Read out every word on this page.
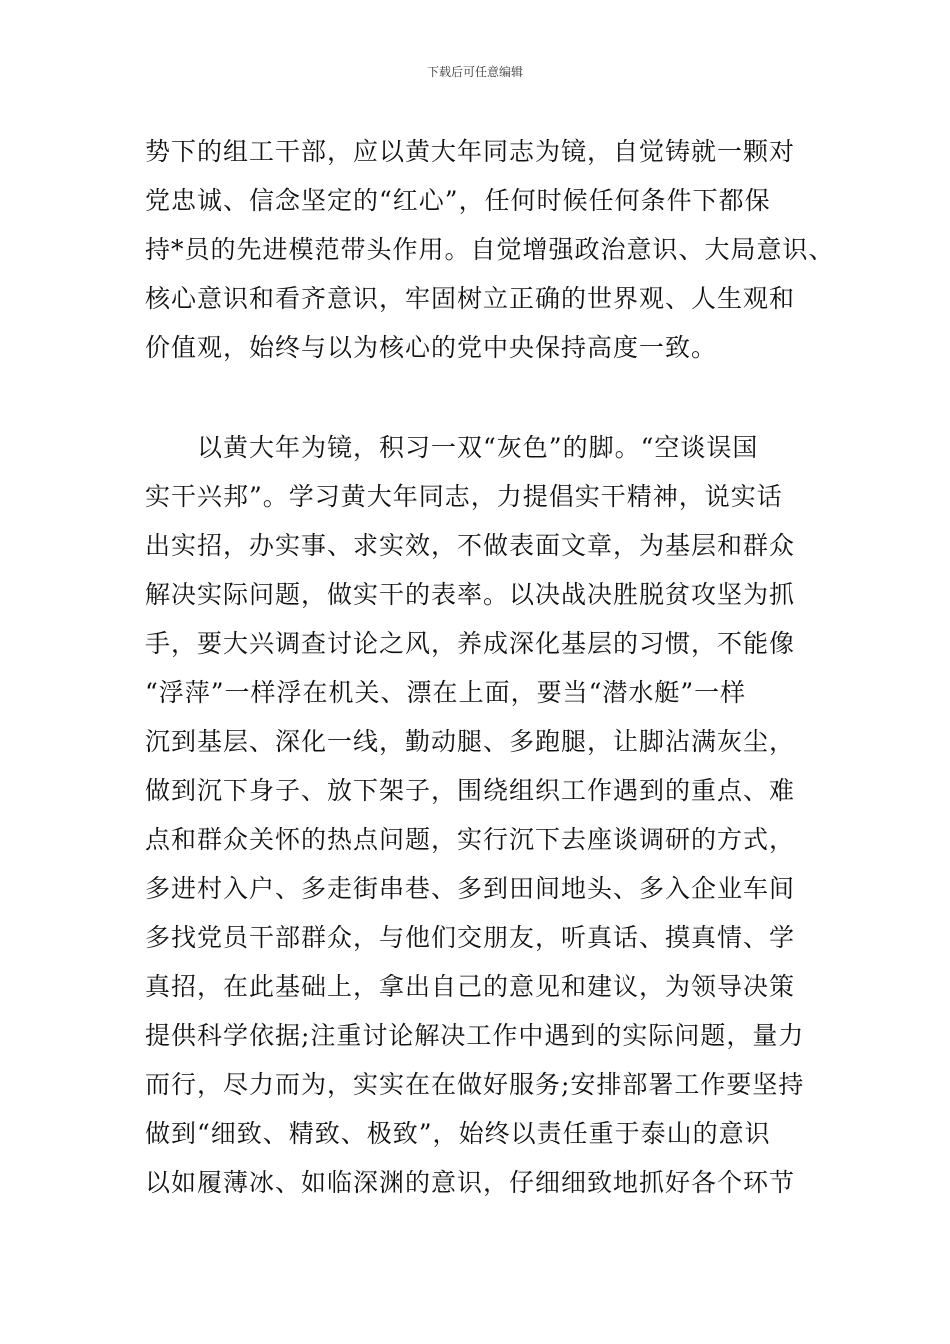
下载后可任意编辑
势下的组工干部，应以黄大年同志为镜，自觉铸就一颗对
党忠诚、信念坚定的“红心”，任何时候任何条件下都保
持*员的先进模范带头作用。自觉增强政治意识、大局意识、
核心意识和看齐意识，牢固树立正确的世界观、人生观和
价值观，始终与以为核心的党中央保持高度一致。
以黄大年为镜，积习一双“灰色”的脚。“空谈误国
实干兴邦”。学习黄大年同志，力提倡实干精神，说实话
出实招，办实事、求实效，不做表面文章，为基层和群众
解决实际问题，做实干的表率。以决战决胜脱贫攻坚为抓
手，要大兴调查讨论之风，养成深化基层的习惯，不能像
“浮萍”一样浮在机关、漂在上面，要当“潜水艇”一样
沉到基层、深化一线，勤动腿、多跑腿，让脚沾满灰尘，
做到沉下身子、放下架子，围绕组织工作遇到的重点、难
点和群众关怀的热点问题，实行沉下去座谈调研的方式，
多进村入户、多走街串巷、多到田间地头、多入企业车间
多找党员干部群众，与他们交朋友，听真话、摸真情、学
真招，在此基础上，拿出自己的意见和建议，为领导决策
提供科学依据;注重讨论解决工作中遇到的实际问题，量力
而行，尽力而为，实实在在做好服务;安排部署工作要坚持
做到“细致、精致、极致”，始终以责任重于泰山的意识
以如履薄冰、如临深渊的意识，仔细细致地抓好各个环节
